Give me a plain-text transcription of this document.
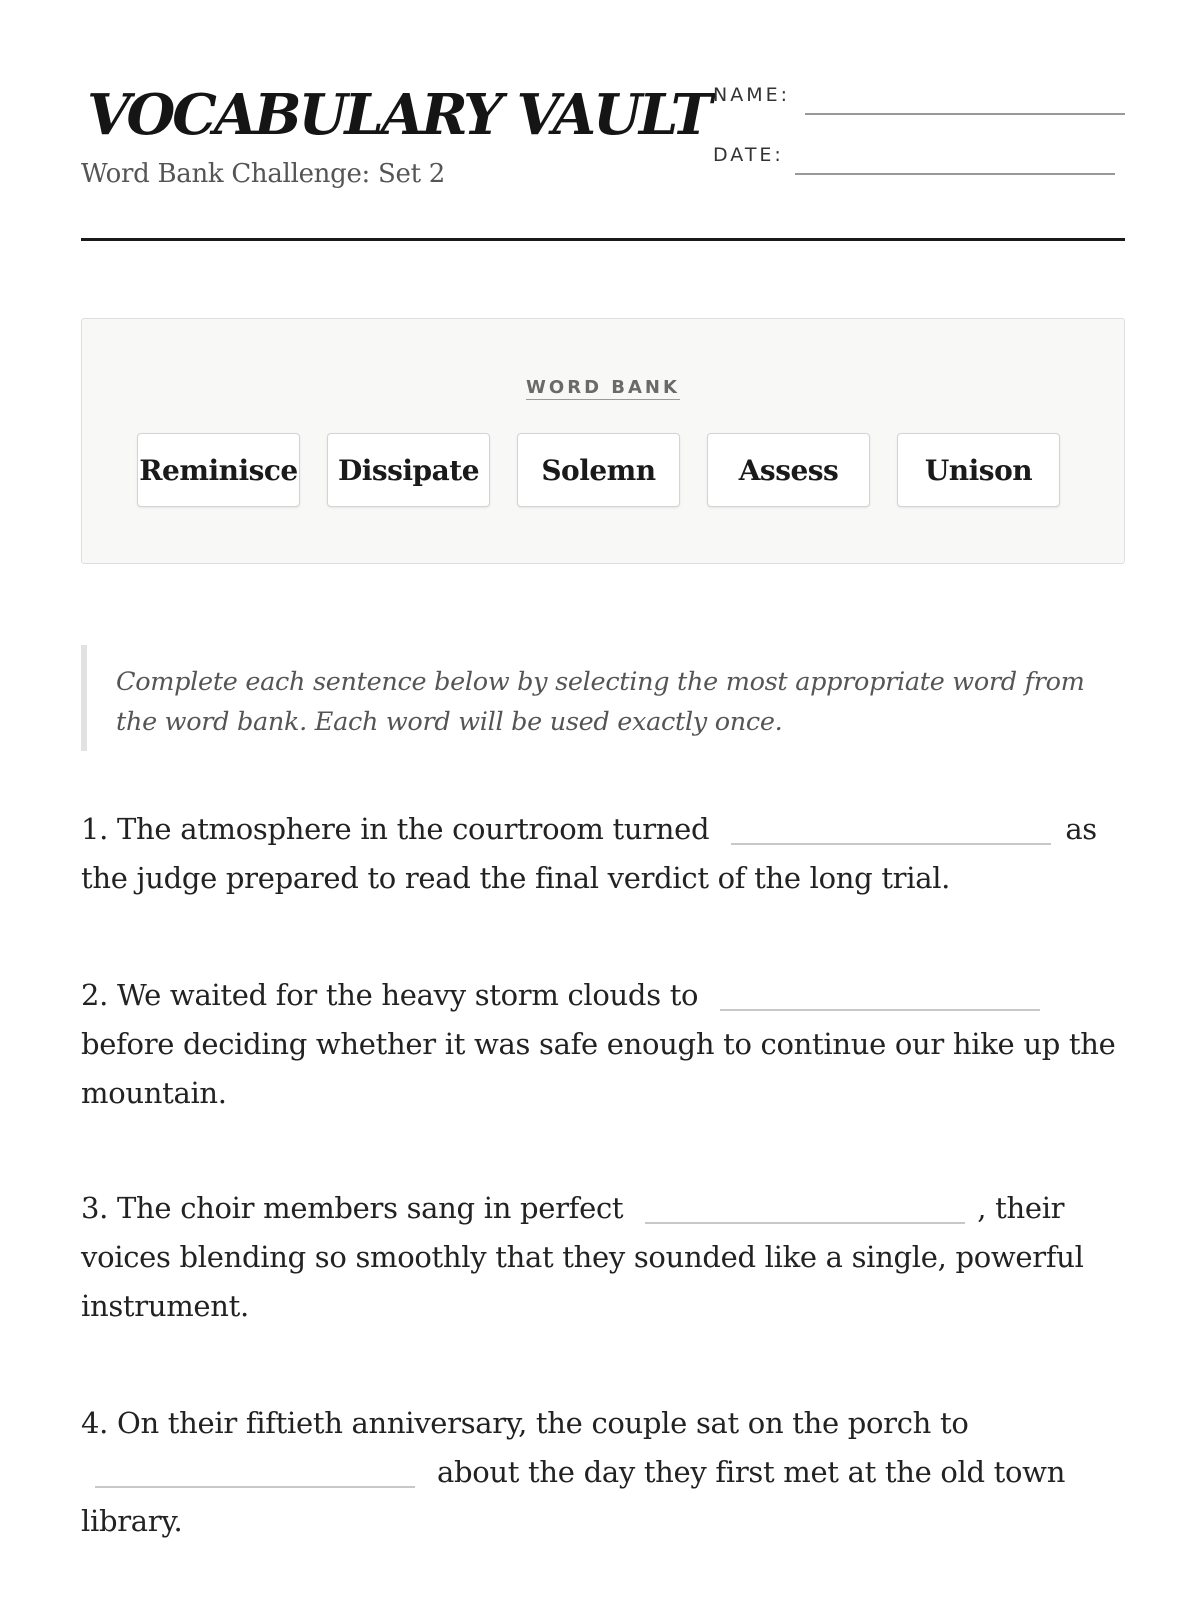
VOCABULARY VAULT
Word Bank Challenge: Set 2
NAME:
DATE:
WORD BANK
Reminisce	Dissipate	Solemn	Assess	Unison
Complete each sentence below by selecting the most appropriate word from the word bank. Each word will be used exactly once.
1. The atmosphere in the courtroom turned	as
the judge prepared to read the final verdict of the long trial.
2. We waited for the heavy storm clouds to
before deciding whether it was safe enough to continue our hike up the
mountain.
3. The choir members sang in perfect	, their
voices blending so smoothly that they sounded like a single, powerful
instrument.
4. On their fiftieth anniversary, the couple sat on the porch to
about the day they first met at the old town
library.
